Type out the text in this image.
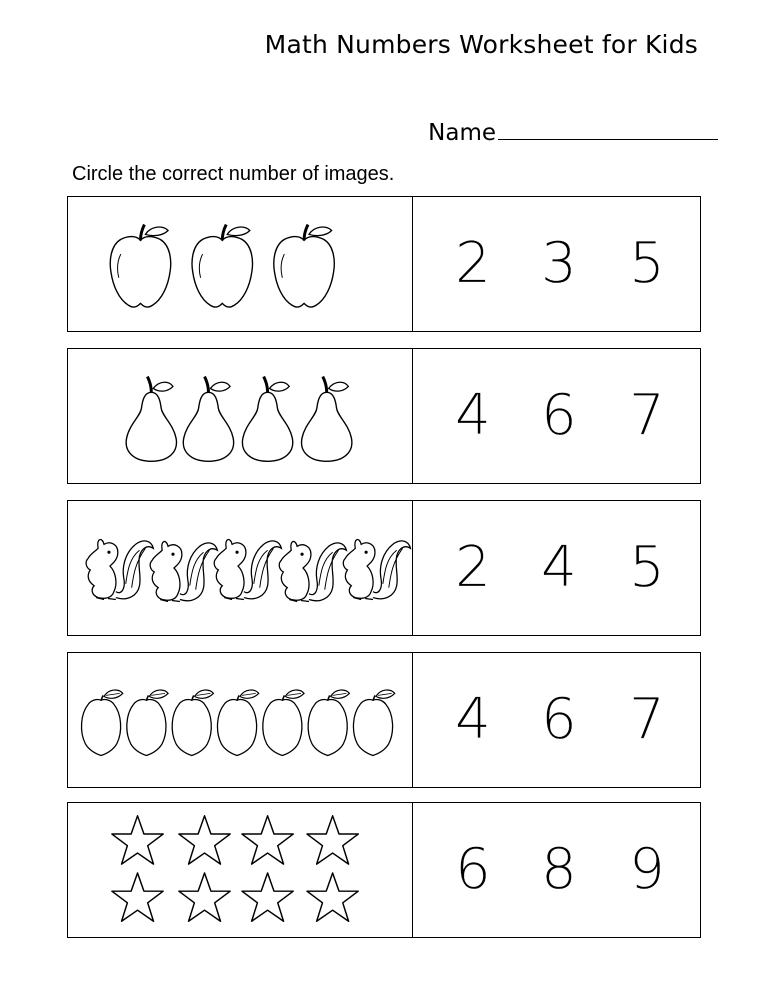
Math Numbers Worksheet for Kids
Name
Circle the correct number of images.
2 3 5
4 6 7
2 4 5
4 6 7
6 8 9
